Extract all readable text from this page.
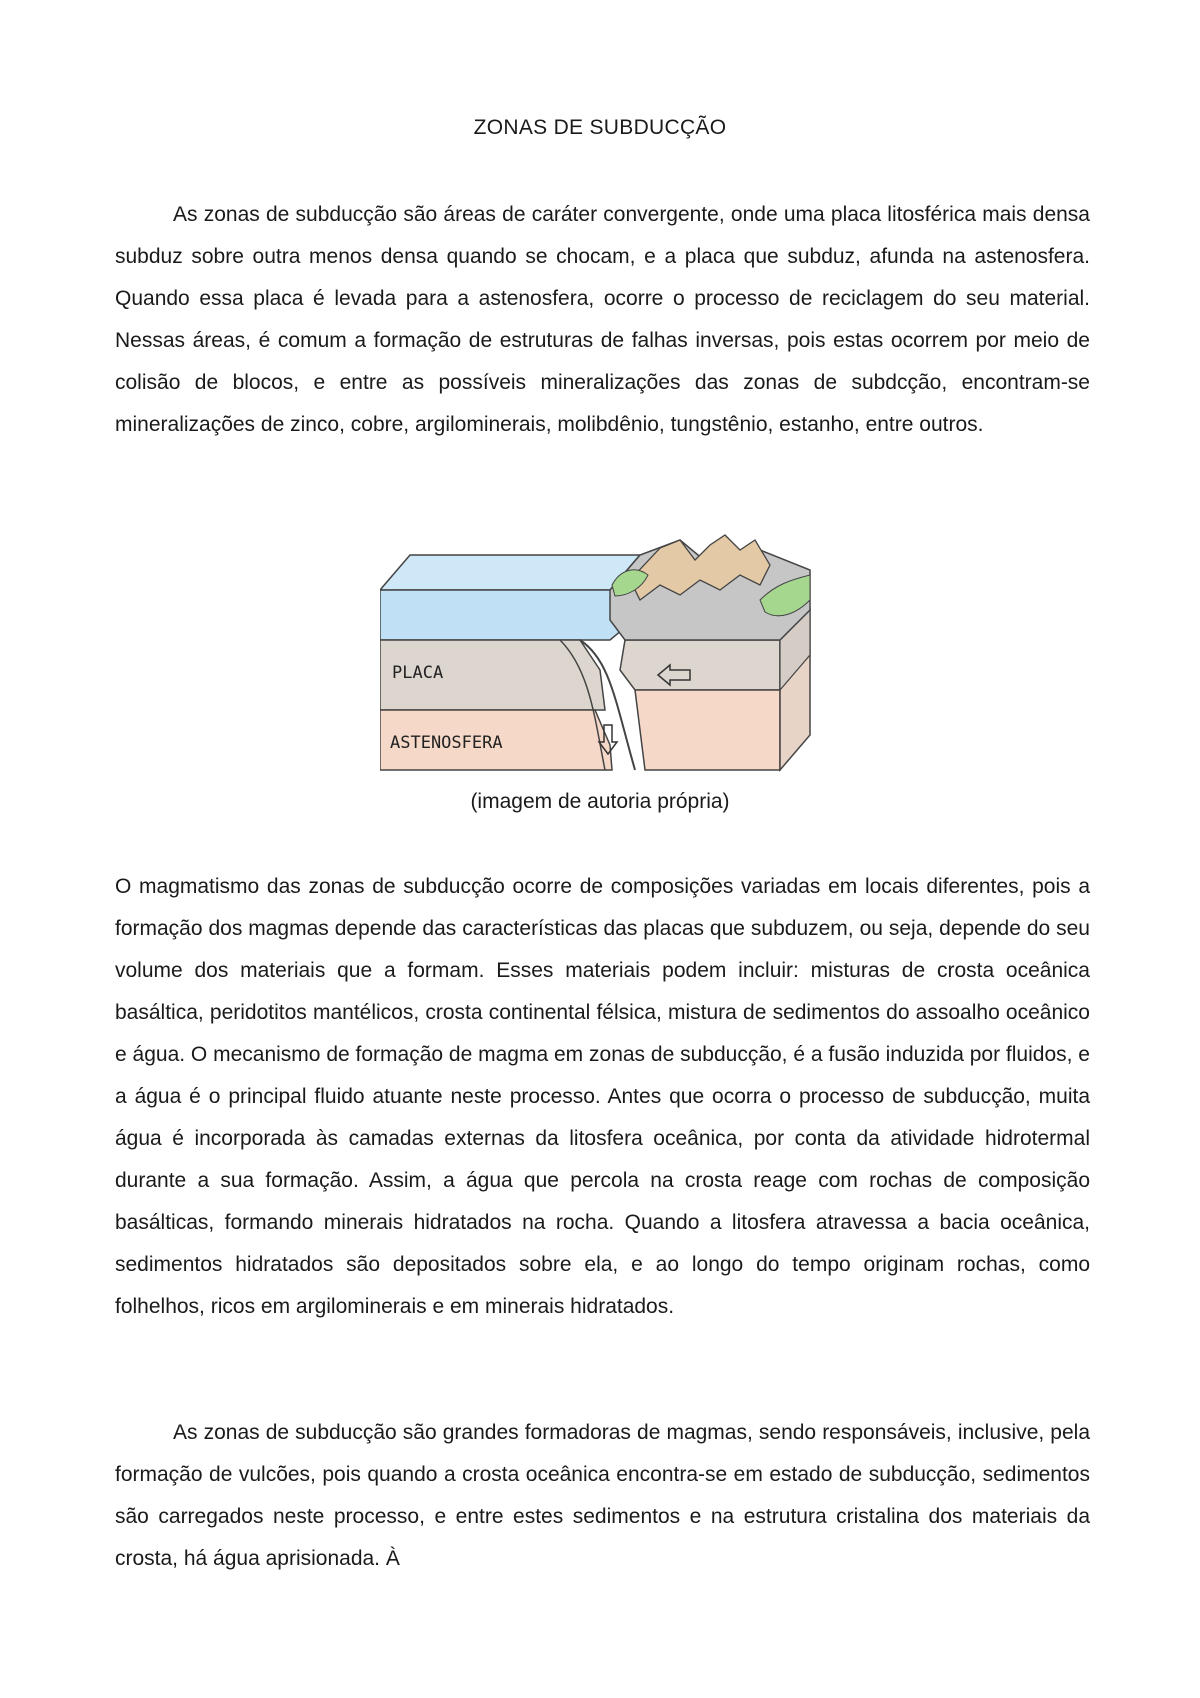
ZONAS DE SUBDUCÇÃO

As zonas de subducção são áreas de caráter convergente, onde uma placa litosférica mais densa subduz sobre outra menos densa quando se chocam, e a placa que subduz, afunda na astenosfera. Quando essa placa é levada para a astenosfera, ocorre o processo de reciclagem do seu material. Nessas áreas, é comum a formação de estruturas de falhas inversas, pois estas ocorrem por meio de colisão de blocos, e entre as possíveis mineralizações das zonas de subdcção, encontram-se mineralizações de zinco, cobre, argilominerais, molibdênio, tungstênio, estanho, entre outros.

PLACA
ASTENOSFERA
(imagem de autoria própria)

O magmatismo das zonas de subducção ocorre de composições variadas em locais diferentes, pois a formação dos magmas depende das características das placas que subduzem, ou seja, depende do seu volume dos materiais que a formam. Esses materiais podem incluir: misturas de crosta oceânica basáltica, peridotitos mantélicos, crosta continental félsica, mistura de sedimentos do assoalho oceânico e água. O mecanismo de formação de magma em zonas de subducção, é a fusão induzida por fluidos, e a água é o principal fluido atuante neste processo. Antes que ocorra o processo de subducção, muita água é incorporada às camadas externas da litosfera oceânica, por conta da atividade hidrotermal durante a sua formação. Assim, a água que percola na crosta reage com rochas de composição basálticas, formando minerais hidratados na rocha. Quando a litosfera atravessa a bacia oceânica, sedimentos hidratados são depositados sobre ela, e ao longo do tempo originam rochas, como folhelhos, ricos em argilominerais e em minerais hidratados.

As zonas de subducção são grandes formadoras de magmas, sendo responsáveis, inclusive, pela formação de vulcões, pois quando a crosta oceânica encontra-se em estado de subducção, sedimentos são carregados neste processo, e entre estes sedimentos e na estrutura cristalina dos materiais da crosta, há água aprisionada. À
